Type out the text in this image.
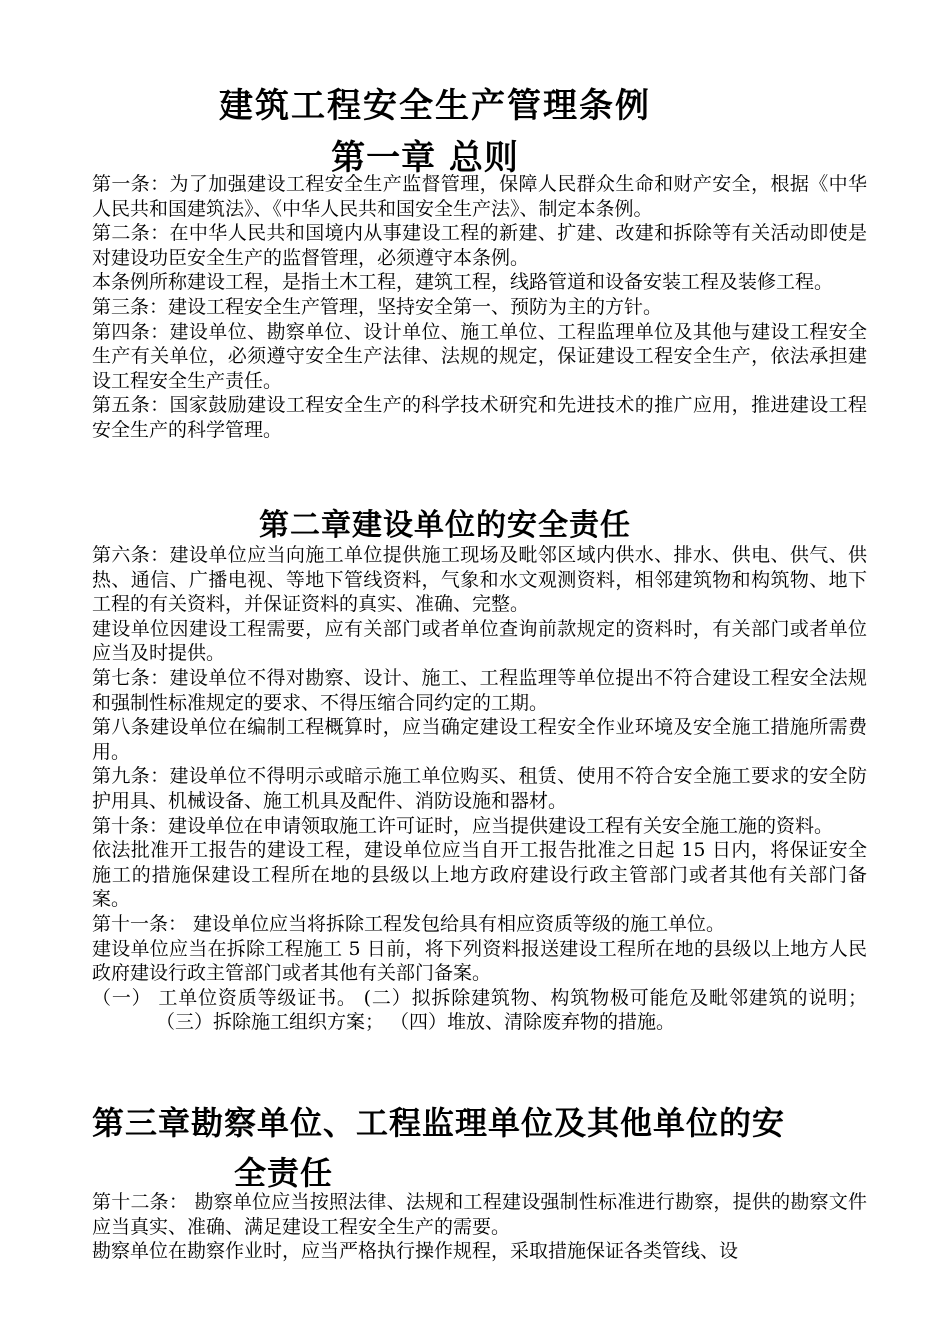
建筑工程安全生产管理条例
第一章 总则

第一条：为了加强建设工程安全生产监督管理，保障人民群众生命和财产安全，根据《中华人民共和国建筑法》、《中华人民共和国安全生产法》、制定本条例。

第二条：在中华人民共和国境内从事建设工程的新建、扩建、改建和拆除等有关活动即使是对建设功臣安全生产的监督管理，必须遵守本条例。

本条例所称建设工程，是指土木工程，建筑工程，线路管道和设备安装工程及装修工程。

第三条：建设工程安全生产管理，坚持安全第一、预防为主的方针。

第四条：建设单位、勘察单位、设计单位、施工单位、工程监理单位及其他与建设工程安全生产有关单位，必须遵守安全生产法律、法规的规定，保证建设工程安全生产，依法承担建设工程安全生产责任。

第五条：国家鼓励建设工程安全生产的科学技术研究和先进技术的推广应用，推进建设工程安全生产的科学管理。

第二章建设单位的安全责任

第六条：建设单位应当向施工单位提供施工现场及毗邻区域内供水、排水、供电、供气、供热、通信、广播电视、等地下管线资料，气象和水文观测资料，相邻建筑物和构筑物、地下工程的有关资料，并保证资料的真实、准确、完整。

建设单位因建设工程需要，应有关部门或者单位查询前款规定的资料时，有关部门或者单位应当及时提供。

第七条：建设单位不得对勘察、设计、施工、工程监理等单位提出不符合建设工程安全法规和强制性标准规定的要求、不得压缩合同约定的工期。

第八条建设单位在编制工程概算时，应当确定建设工程安全作业环境及安全施工措施所需费用。

第九条：建设单位不得明示或暗示施工单位购买、租赁、使用不符合安全施工要求的安全防护用具、机械设备、施工机具及配件、消防设施和器材。

第十条：建设单位在申请领取施工许可证时，应当提供建设工程有关安全施工施的资料。

依法批准开工报告的建设工程，建设单位应当自开工报告批准之日起 15 日内，将保证安全施工的措施保建设工程所在地的县级以上地方政府建设行政主管部门或者其他有关部门备案。

第十一条： 建设单位应当将拆除工程发包给具有相应资质等级的施工单位。

建设单位应当在拆除工程施工 5 日前，将下列资料报送建设工程所在地的县级以上地方人民政府建设行政主管部门或者其他有关部门备案。

（一） 工单位资质等级证书。 (二）拟拆除建筑物、构筑物极可能危及毗邻建筑的说明； （三）拆除施工组织方案； （四）堆放、清除废弃物的措施。

第三章勘察单位、工程监理单位及其他单位的安
全责任

第十二条： 勘察单位应当按照法律、法规和工程建设强制性标准进行勘察，提供的勘察文件应当真实、准确、满足建设工程安全生产的需要。

勘察单位在勘察作业时，应当严格执行操作规程，采取措施保证各类管线、设
